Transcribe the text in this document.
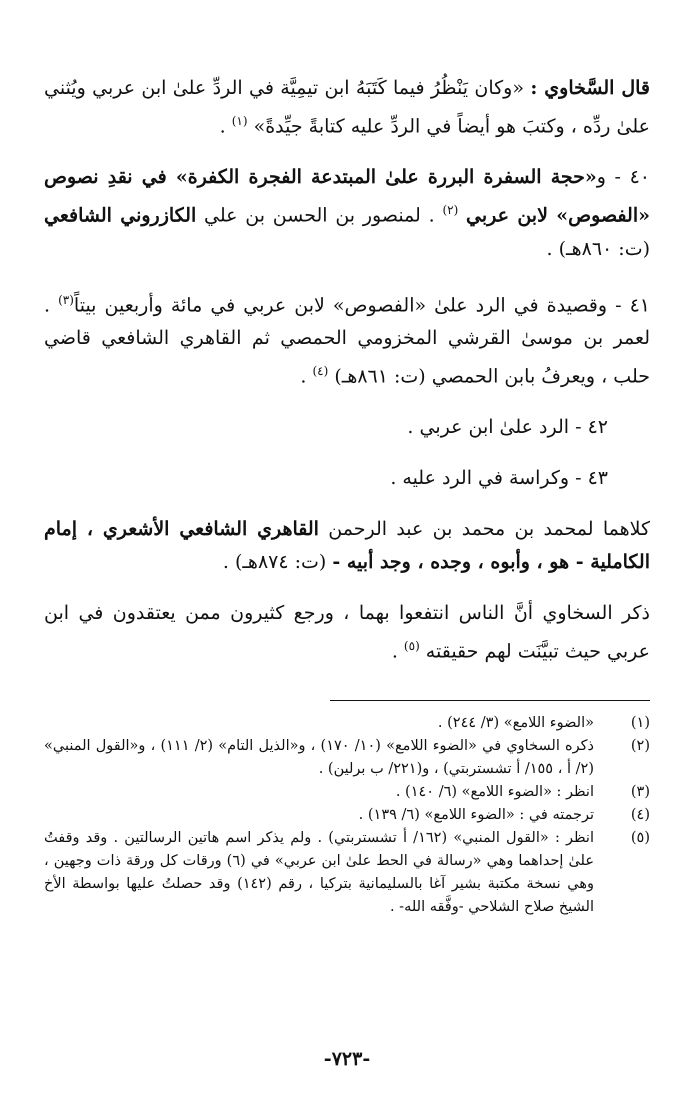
قال السَّخاوي : «وكان يَنْظُرُ فيما كَتَبَهُ ابن تيمِيَّة في الردِّ علىٰ ابن عربي ويُثني علىٰ ردِّه ، وكتبَ هو أيضاً في الردِّ عليه كتابةً جيِّدةً» $^{(١)}$ .

٤٠ - و«حجة السفرة البررة علىٰ المبتدعة الفجرة الكفرة» في نقدِ نصوص «الفصوص» لابن عربي $^{(٢)}$ . لمنصور بن الحسن بن علي الكازروني الشافعي (ت: ٨٦٠هـ) .

٤١ - وقصيدة في الرد علىٰ «الفصوص» لابن عربي في مائة وأربعين بيتاً$^{(٣)}$ . لعمر بن موسىٰ القرشي المخزومي الحمصي ثم القاهري الشافعي قاضي حلب ، ويعرفُ بابن الحمصي (ت: ٨٦١هـ) $^{(٤)}$ .

٤٢ - الرد علىٰ ابن عربي .

٤٣ - وكراسة في الرد عليه .

كلاهما لمحمد بن محمد بن عبد الرحمن القاهري الشافعي الأشعري ، إمام الكاملية - هو ، وأبوه ، وجده ، وجد أبيه - (ت: ٨٧٤هـ) .

ذكر السخاوي أنَّ الناس انتفعوا بهما ، ورجع كثيرون ممن يعتقدون في ابن عربي حيث تبيَّنَت لهم حقيقته $^{(٥)}$ .

(١)
«الضوء اللامع» (٣/ ٢٤٤) .

(٢)
ذكره السخاوي في «الضوء اللامع» (١٠/ ١٧٠) ، و«الذيل التام» (٢/ ١١١) ، و«القول المنبي» (٢/ أ ، ١٥٥/ أ تشستربتي) ، و(٢٢١/ ب برلين) .

(٣)
انظر : «الضوء اللامع» (٦/ ١٤٠) .

(٤)
ترجمته في : «الضوء اللامع» (٦/ ١٣٩) .

(٥)
انظر : «القول المنبي» (١٦٢/ أ تشستربتي) . ولم يذكر اسم هاتين الرسالتين . وقد وقفتُ علىٰ إحداهما وهي «رسالة في الحط علىٰ ابن عربي» في (٦) ورقات كل ورقة ذات وجهين ، وهي نسخة مكتبة بشير آغا بالسليمانية بتركيا ، رقم (١٤٢) وقد حصلتُ عليها بواسطة الأخ الشيخ صلاح الشلاحي -وفَّقه الله- .

-٧٢٣-
